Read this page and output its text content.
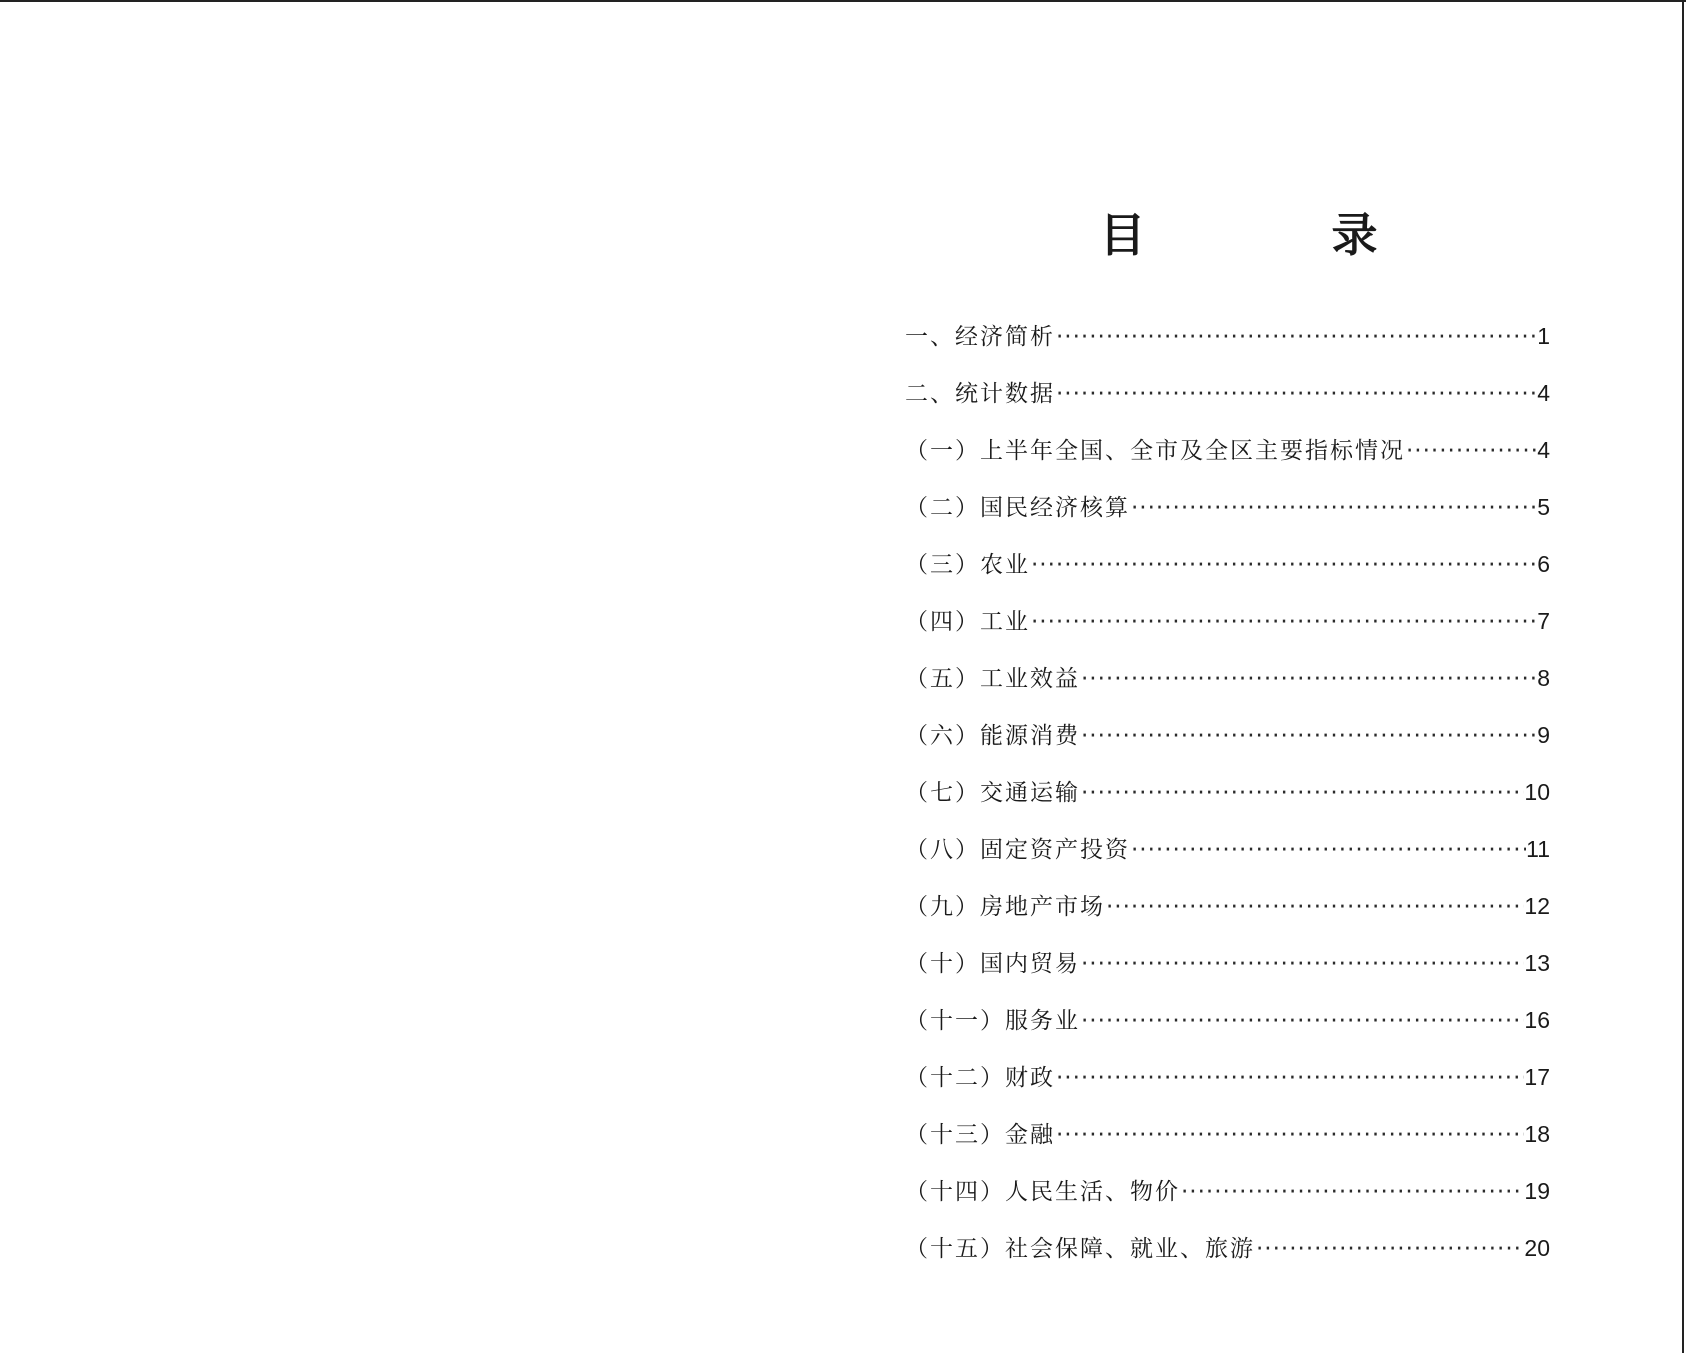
目　录
一、经济简析 ·····	1
二、统计数据 ·····	4
（一）上半年全国、全市及全区主要指标情况 ·····	4
（二）国民经济核算 ·····	5
（三）农业 ·····	6
（四）工业 ·····	7
（五）工业效益 ·····	8
（六）能源消费 ·····	9
（七）交通运输 ·····	10
（八）固定资产投资 ·····	11
（九）房地产市场 ·····	12
（十）国内贸易 ·····	13
（十一）服务业 ·····	16
（十二）财政 ·····	17
（十三）金融 ·····	18
（十四）人民生活、物价 ·····	19
（十五）社会保障、就业、旅游 ·····	20
